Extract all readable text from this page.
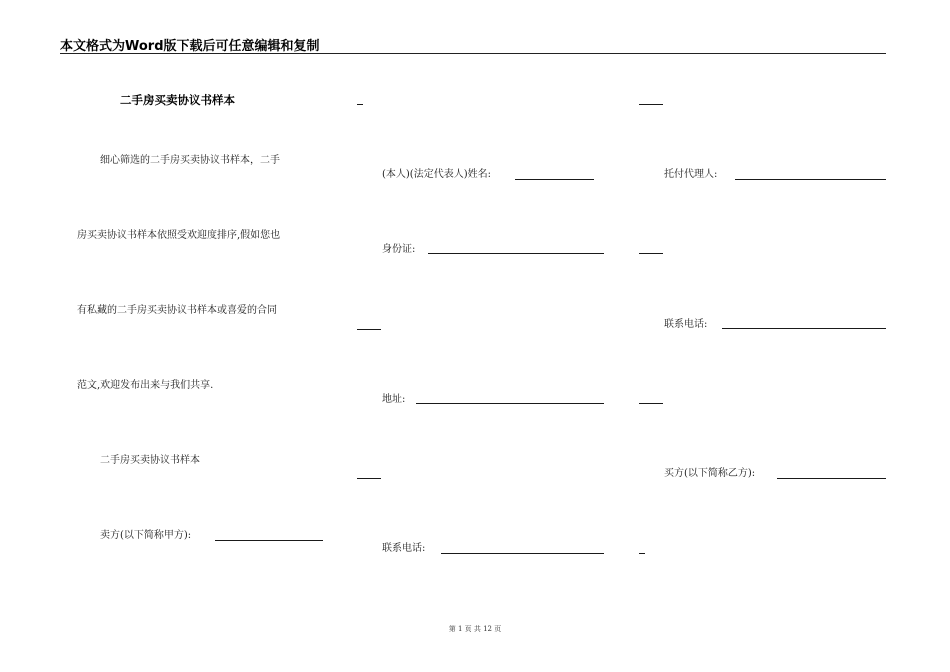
本文格式为Word版下载后可任意编辑和复制
二手房买卖协议书样本
细心筛选的二手房买卖协议书样本，二手
房买卖协议书样本依照受欢迎度排序,假如您也
有私藏的二手房买卖协议书样本或喜爱的合同
范文,欢迎发布出来与我们共享.
二手房买卖协议书样本
卖方(以下简称甲方):
(本人)(法定代表人)姓名:
身份证:
地址:
联系电话:
托付代理人:
联系电话:
买方(以下简称乙方):
第 1 页 共 12 页
